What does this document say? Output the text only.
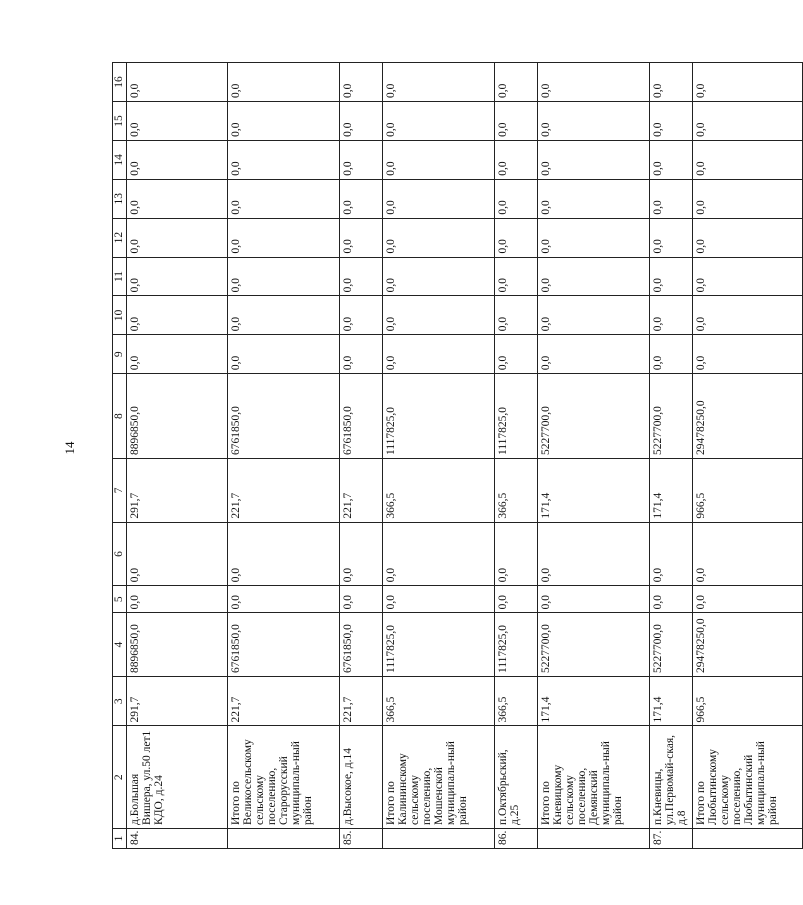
14
1	2	3	4	5	6	7	8	9	10	11	12	13	14	15	16
84.	д.Большая Вишера, ул.50 лет1 КДО, д.24	291,7	8896850,0	0,0	0,0	291,7	8896850,0	0,0	0,0	0,0	0,0	0,0	0,0	0,0	0,0
	Итого по Великосельскому сельскому поселению, Старорусский муниципаль-ный район	221,7	6761850,0	0,0	0,0	221,7	6761850,0	0,0	0,0	0,0	0,0	0,0	0,0	0,0	0,0
85.	д.Высокое, д.14	221,7	6761850,0	0,0	0,0	221,7	6761850,0	0,0	0,0	0,0	0,0	0,0	0,0	0,0	0,0
	Итого по Калининскому сельскому поселению, Мошенской муниципаль-ный район	366,5	1117825,0	0,0	0,0	366,5	1117825,0	0,0	0,0	0,0	0,0	0,0	0,0	0,0	0,0
86.	п.Октябрьский, д.25	366,5	1117825,0	0,0	0,0	366,5	1117825,0	0,0	0,0	0,0	0,0	0,0	0,0	0,0	0,0
	Итого по Кневицкому сельскому поселению, Демянский муниципаль-ный район	171,4	5227700,0	0,0	0,0	171,4	5227700,0	0,0	0,0	0,0	0,0	0,0	0,0	0,0	0,0
87.	п.Кневицы, ул.Первомай-ская, д.8	171,4	5227700,0	0,0	0,0	171,4	5227700,0	0,0	0,0	0,0	0,0	0,0	0,0	0,0	0,0
	Итого по Любытинскому сельскому поселению, Любытинский муниципаль-ный район	966,5	29478250,0	0,0	0,0	966,5	29478250,0	0,0	0,0	0,0	0,0	0,0	0,0	0,0	0,0
